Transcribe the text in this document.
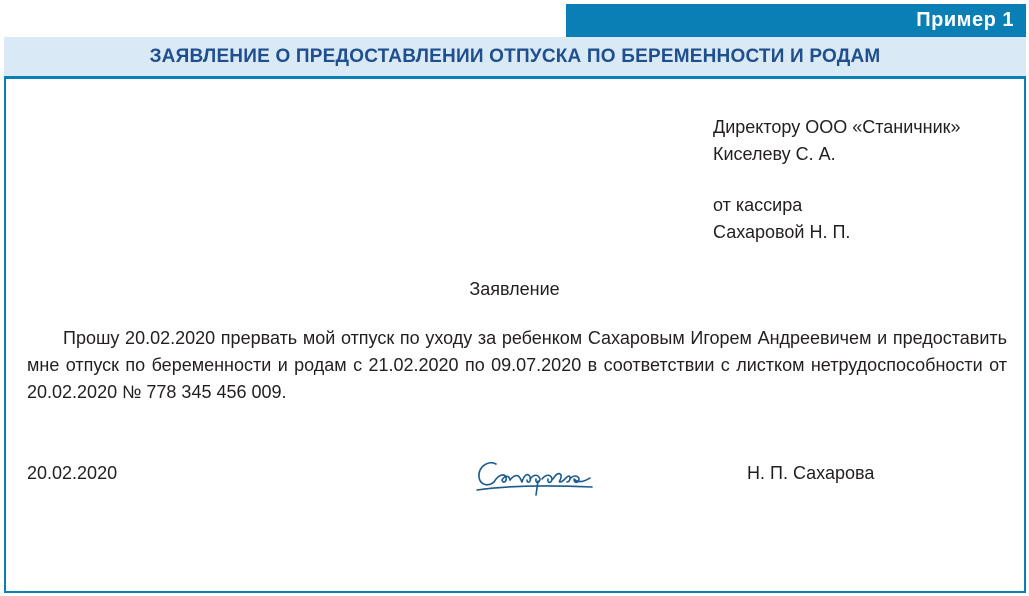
Пример 1
ЗАЯВЛЕНИЕ О ПРЕДОСТАВЛЕНИИ ОТПУСКА ПО БЕРЕМЕННОСТИ И РОДАМ
Директору ООО «Станичник»
Киселеву С. А.
от кассира
Сахаровой Н. П.
Заявление

Прошу 20.02.2020 прервать мой отпуск по уходу за ребенком Сахаровым Игорем Андреевичем и предоставить мне отпуск по беременности и родам с 21.02.2020 по 09.07.2020 в соответствии с листком нетрудоспособности от 20.02.2020 № 778 345 456 009.

20.02.2020	Н. П. Сахарова
